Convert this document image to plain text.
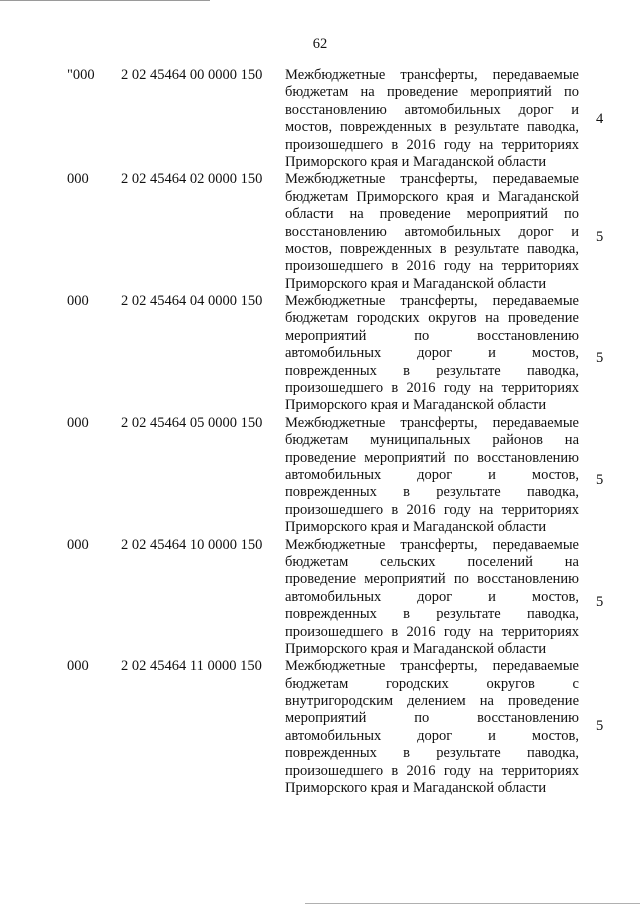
62
"000 2 02 45464 00 0000 150 Межбюджетные трансферты, передаваемые
бюджетам на проведение мероприятий по
восстановлению автомобильных дорог и
мостов, поврежденных в результате паводка,
произошедшего в 2016 году на территориях
Приморского края и Магаданской области
4
000 2 02 45464 02 0000 150 Межбюджетные трансферты, передаваемые
бюджетам Приморского края и Магаданской
области на проведение мероприятий по
восстановлению автомобильных дорог и
мостов, поврежденных в результате паводка,
произошедшего в 2016 году на территориях
Приморского края и Магаданской области
5
000 2 02 45464 04 0000 150 Межбюджетные трансферты, передаваемые
бюджетам городских округов на проведение
мероприятий по восстановлению
автомобильных дорог и мостов,
поврежденных в результате паводка,
произошедшего в 2016 году на территориях
Приморского края и Магаданской области
5
000 2 02 45464 05 0000 150 Межбюджетные трансферты, передаваемые
бюджетам муниципальных районов на
проведение мероприятий по восстановлению
автомобильных дорог и мостов,
поврежденных в результате паводка,
произошедшего в 2016 году на территориях
Приморского края и Магаданской области
5
000 2 02 45464 10 0000 150 Межбюджетные трансферты, передаваемые
бюджетам сельских поселений на
проведение мероприятий по восстановлению
автомобильных дорог и мостов,
поврежденных в результате паводка,
произошедшего в 2016 году на территориях
Приморского края и Магаданской области
5
000 2 02 45464 11 0000 150 Межбюджетные трансферты, передаваемые
бюджетам городских округов с
внутригородским делением на проведение
мероприятий по восстановлению
автомобильных дорог и мостов,
поврежденных в результате паводка,
произошедшего в 2016 году на территориях
Приморского края и Магаданской области
5
